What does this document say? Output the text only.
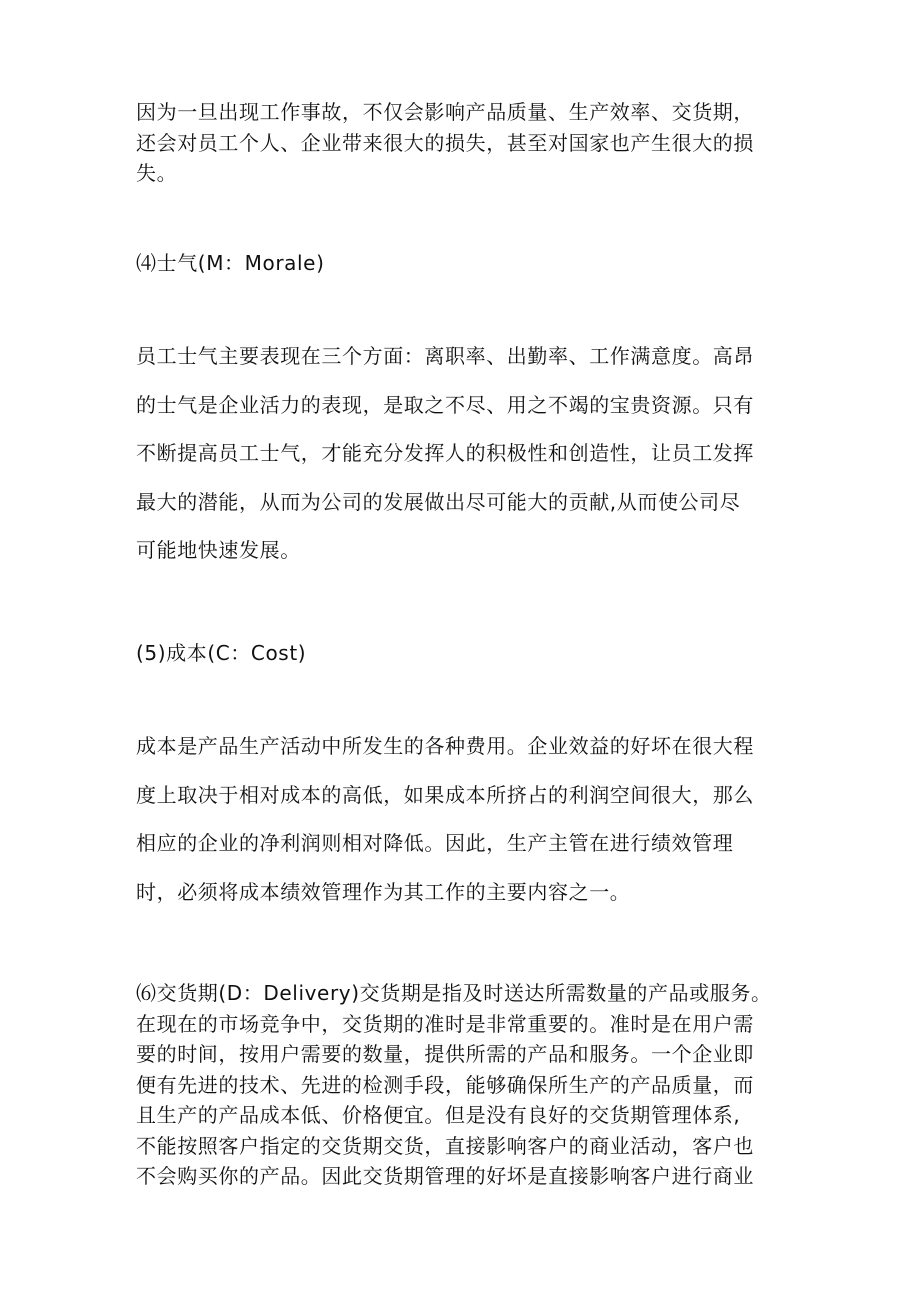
因为一旦出现工作事故，不仅会影响产品质量、生产效率、交货期，
还会对员工个人、企业带来很大的损失，甚至对国家也产生很大的损
失。
⑷士气(M：Morale)
员工士气主要表现在三个方面：离职率、出勤率、工作满意度。高昂
的士气是企业活力的表现，是取之不尽、用之不竭的宝贵资源。只有
不断提高员工士气，才能充分发挥人的积极性和创造性，让员工发挥
最大的潜能，从而为公司的发展做出尽可能大的贡献,从而使公司尽
可能地快速发展。
(5)成本(C：Cost)
成本是产品生产活动中所发生的各种费用。企业效益的好坏在很大程
度上取决于相对成本的高低，如果成本所挤占的利润空间很大，那么
相应的企业的净利润则相对降低。因此，生产主管在进行绩效管理
时，必须将成本绩效管理作为其工作的主要内容之一。
⑹交货期(D：Delivery)交货期是指及时送达所需数量的产品或服务。
在现在的市场竞争中，交货期的准时是非常重要的。准时是在用户需
要的时间，按用户需要的数量，提供所需的产品和服务。一个企业即
便有先进的技术、先进的检测手段，能够确保所生产的产品质量，而
且生产的产品成本低、价格便宜。但是没有良好的交货期管理体系,
不能按照客户指定的交货期交货，直接影响客户的商业活动，客户也
不会购买你的产品。因此交货期管理的好坏是直接影响客户进行商业
